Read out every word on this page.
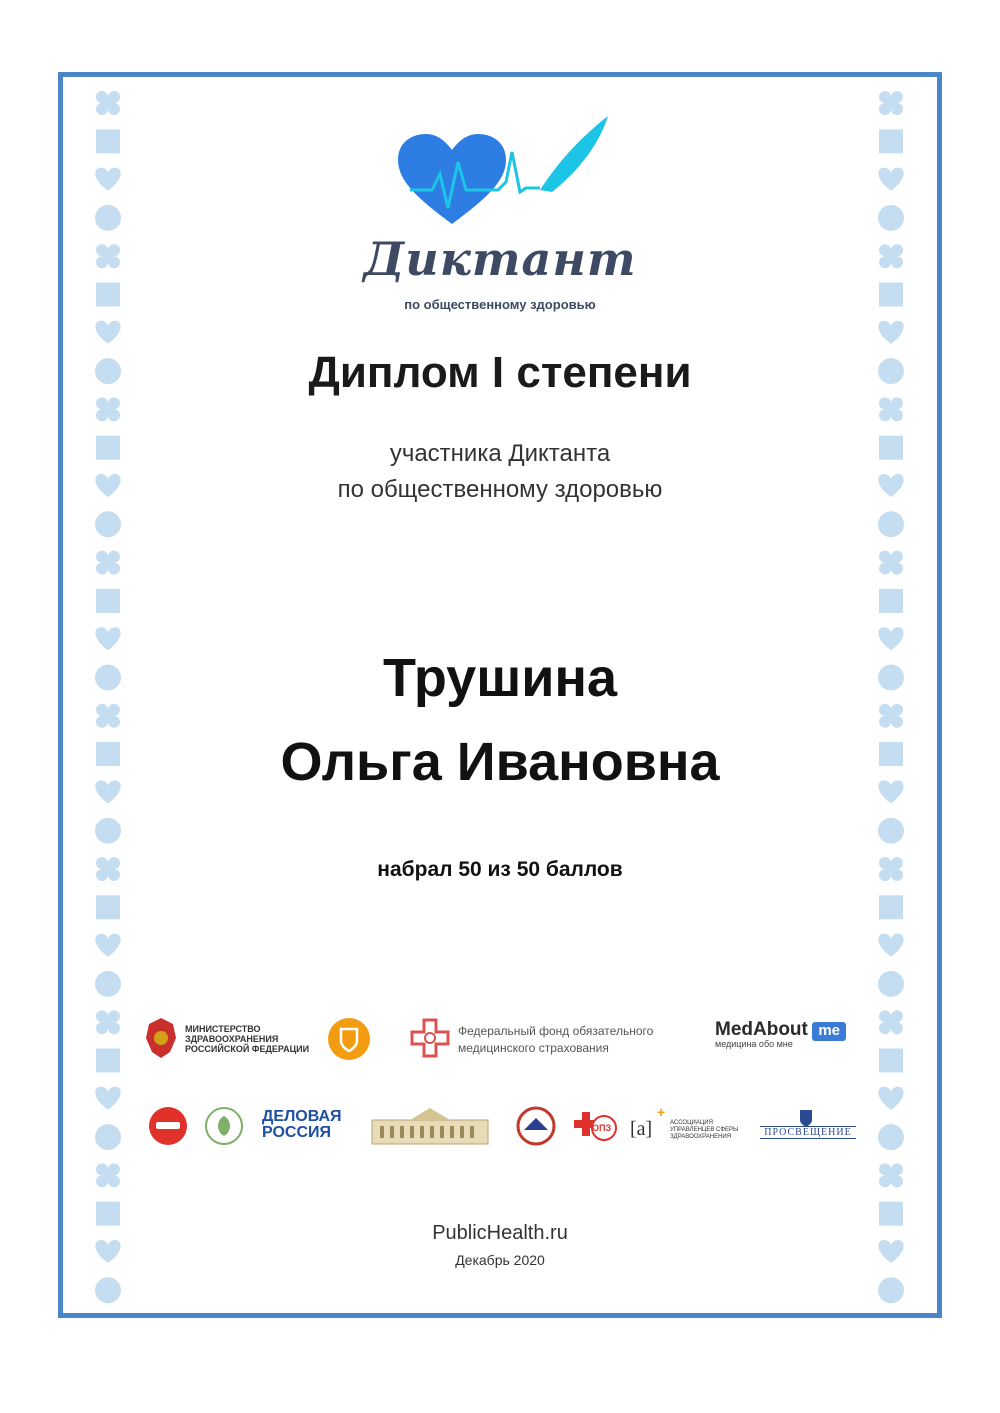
Диктант
по общественному здоровью
Диплом I степени
участника Диктанта
по общественному здоровью
Трушина
Ольга Ивановна
набрал 50 из 50 баллов
МИНИСТЕРСТВО
ЗДРАВООХРАНЕНИЯ
РОССИЙСКОЙ ФЕДЕРАЦИИ
Федеральный фонд обязательного
медицинского страхования
MedAbout me
медицина обо мне
ДЕЛОВАЯ
РОССИЯ	ОПЗ [a]
+
АССОЦИАЦИЯ
УПРАВЛЕНЦЕВ СФЕРЫ
ЗДРАВООХРАНЕНИЯ	ПРОСВЕЩЕНИЕ
PublicHealth.ru
Декабрь 2020
